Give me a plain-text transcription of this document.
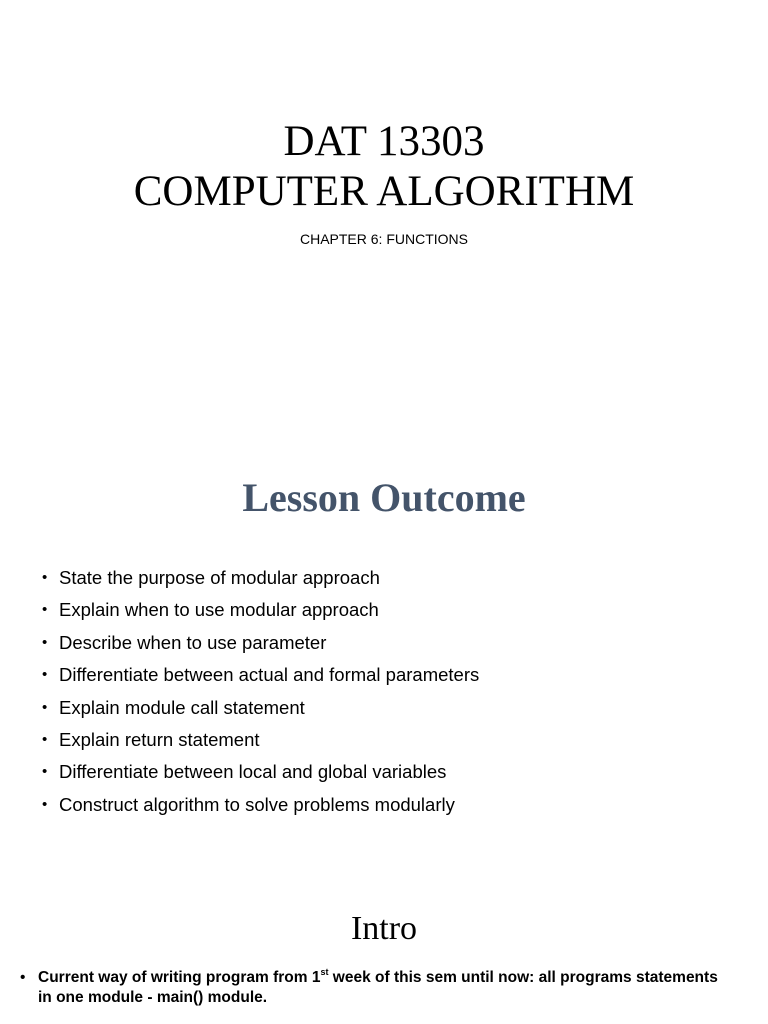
DAT 13303
COMPUTER ALGORITHM
CHAPTER 6: FUNCTIONS
Lesson Outcome
• State the purpose of modular approach
• Explain when to use modular approach
• Describe when to use parameter
• Differentiate between actual and formal parameters
• Explain module call statement
• Explain return statement
• Differentiate between local and global variables
• Construct algorithm to solve problems modularly
Intro
• Current way of writing program from 1st week of this sem until now: all programs statements in one module - main() module.
